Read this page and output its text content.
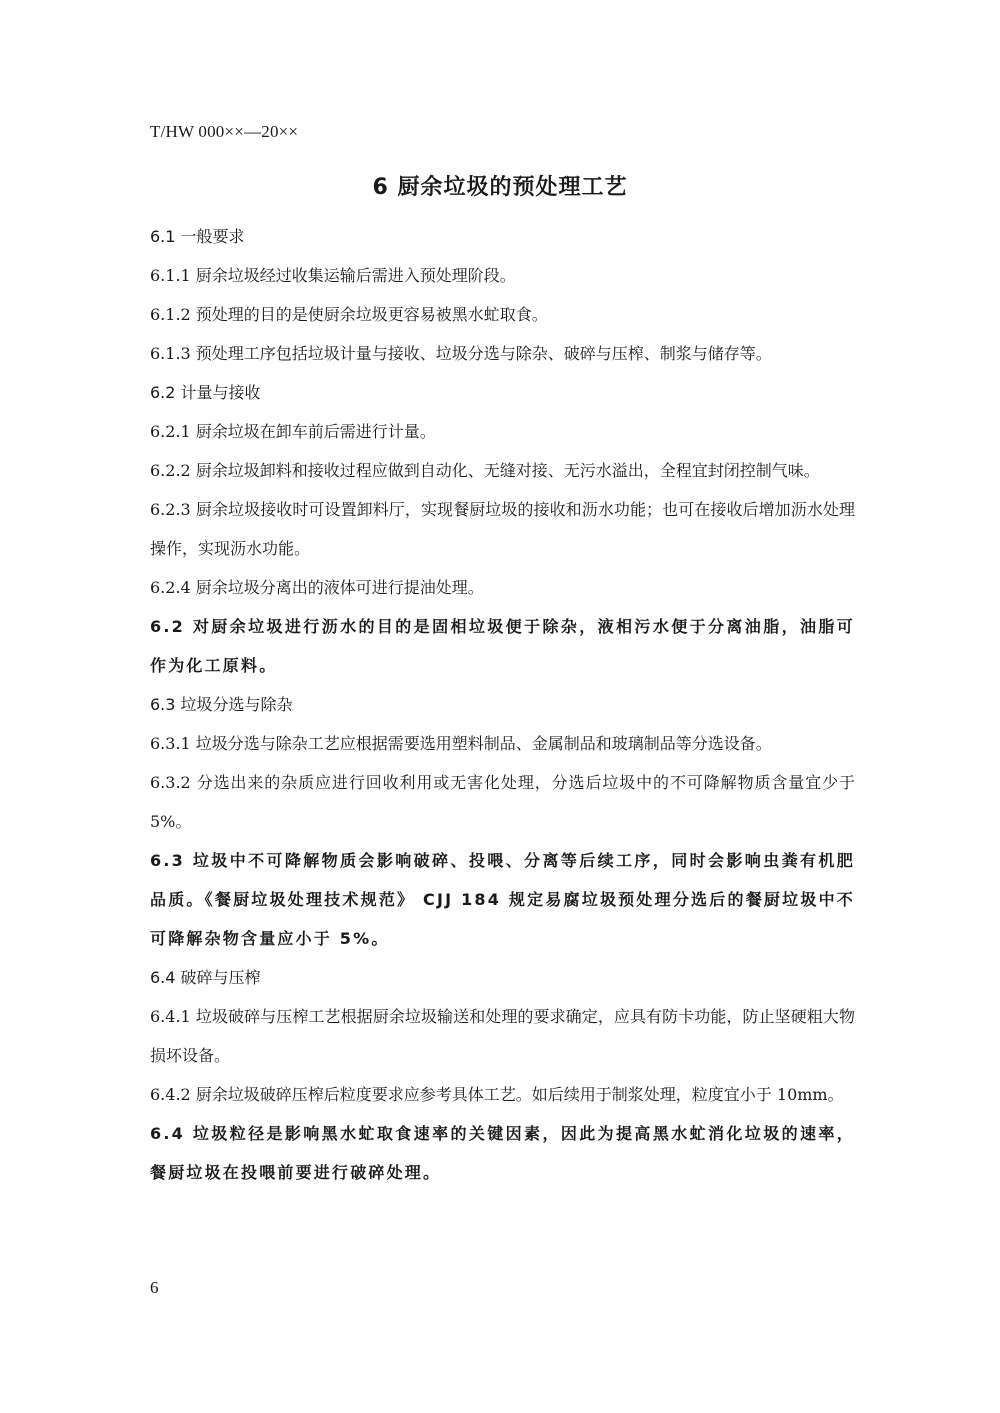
T/HW 000××—20××
6 厨余垃圾的预处理工艺
6.1 一般要求
6.1.1 厨余垃圾经过收集运输后需进入预处理阶段。
6.1.2 预处理的目的是使厨余垃圾更容易被黑水虻取食。
6.1.3 预处理工序包括垃圾计量与接收、垃圾分选与除杂、破碎与压榨、制浆与储存等。
6.2 计量与接收
6.2.1 厨余垃圾在卸车前后需进行计量。
6.2.2 厨余垃圾卸料和接收过程应做到自动化、无缝对接、无污水溢出，全程宜封闭控制气味。
6.2.3 厨余垃圾接收时可设置卸料厅，实现餐厨垃圾的接收和沥水功能；也可在接收后增加沥水处理操作，实现沥水功能。
6.2.4 厨余垃圾分离出的液体可进行提油处理。
6.2 对厨余垃圾进行沥水的目的是固相垃圾便于除杂，液相污水便于分离油脂，油脂可作为化工原料。
6.3 垃圾分选与除杂
6.3.1 垃圾分选与除杂工艺应根据需要选用塑料制品、金属制品和玻璃制品等分选设备。
6.3.2 分选出来的杂质应进行回收利用或无害化处理，分选后垃圾中的不可降解物质含量宜少于 5%。
6.3 垃圾中不可降解物质会影响破碎、投喂、分离等后续工序，同时会影响虫粪有机肥品质。《餐厨垃圾处理技术规范》 CJJ 184 规定易腐垃圾预处理分选后的餐厨垃圾中不可降解杂物含量应小于 5%。
6.4 破碎与压榨
6.4.1 垃圾破碎与压榨工艺根据厨余垃圾输送和处理的要求确定，应具有防卡功能，防止坚硬粗大物损坏设备。
6.4.2 厨余垃圾破碎压榨后粒度要求应参考具体工艺。如后续用于制浆处理，粒度宜小于 10mm。
6.4 垃圾粒径是影响黑水虻取食速率的关键因素，因此为提高黑水虻消化垃圾的速率，餐厨垃圾在投喂前要进行破碎处理。
6
